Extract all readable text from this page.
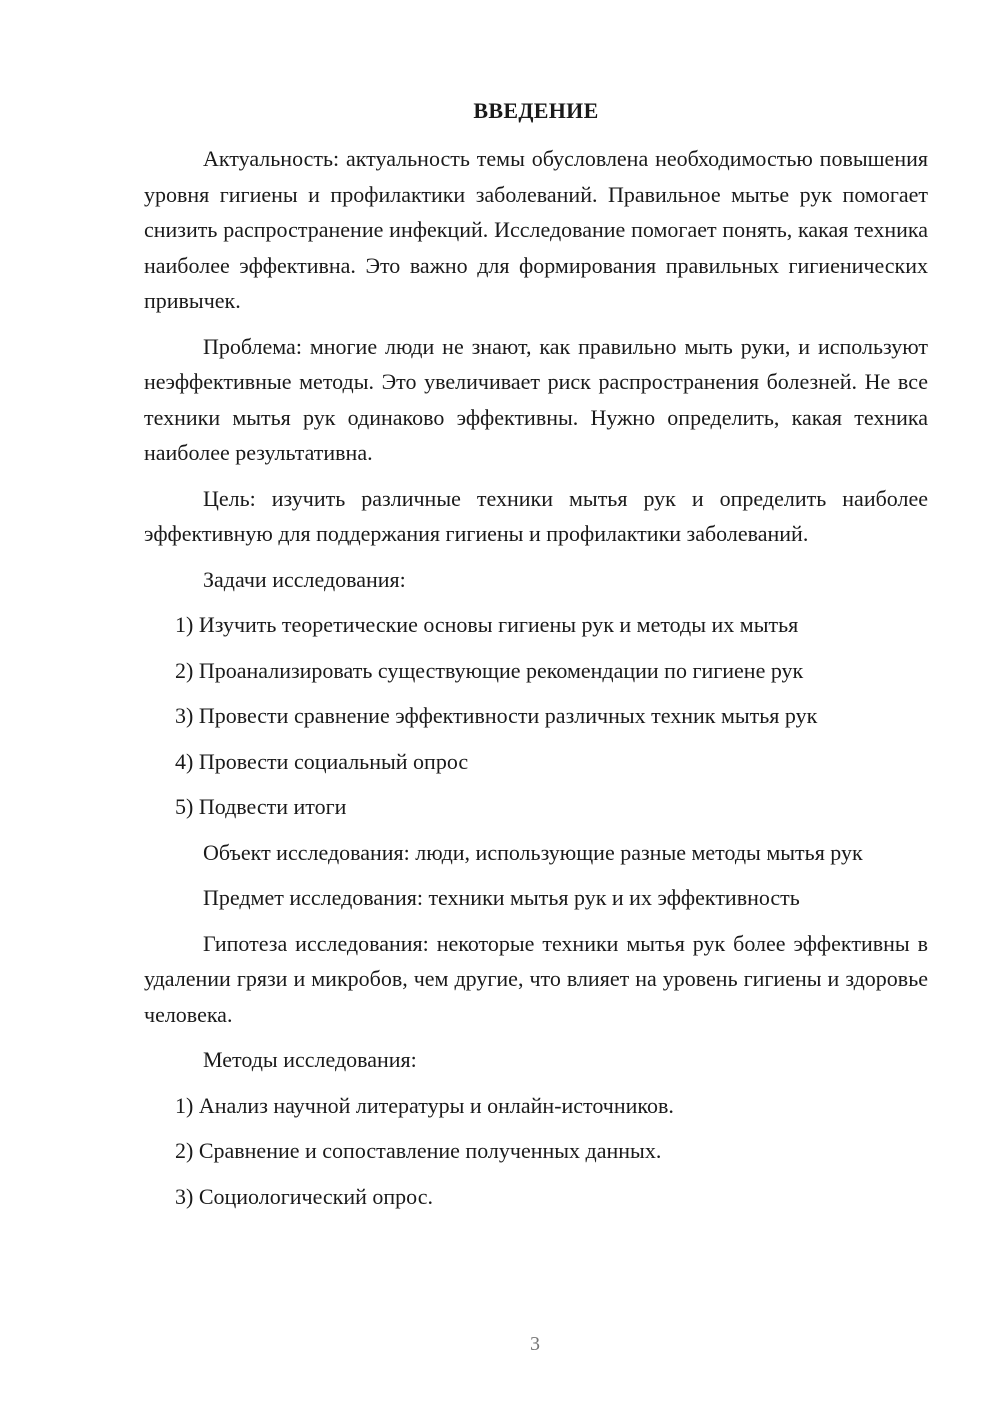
ВВЕДЕНИЕ

Актуальность: актуальность темы обусловлена необходимостью повышения уровня гигиены и профилактики заболеваний. Правильное мытье рук помогает снизить распространение инфекций. Исследование помогает понять, какая техника наиболее эффективна. Это важно для формирования правильных гигиенических привычек.

Проблема: многие люди не знают, как правильно мыть руки, и используют неэффективные методы. Это увеличивает риск распространения болезней. Не все техники мытья рук одинаково эффективны. Нужно определить, какая техника наиболее результативна.

Цель: изучить различные техники мытья рук и определить наиболее эффективную для поддержания гигиены и профилактики заболеваний.

Задачи исследования:

1) Изучить теоретические основы гигиены рук и методы их мытья
2) Проанализировать существующие рекомендации по гигиене рук
3) Провести сравнение эффективности различных техник мытья рук
4) Провести социальный опрос
5) Подвести итоги

Объект исследования: люди, использующие разные методы мытья рук

Предмет исследования: техники мытья рук и их эффективность

Гипотеза исследования: некоторые техники мытья рук более эффективны в удалении грязи и микробов, чем другие, что влияет на уровень гигиены и здоровье человека.

Методы исследования:

1) Анализ научной литературы и онлайн-источников.
2) Сравнение и сопоставление полученных данных.
3) Социологический опрос.
3
